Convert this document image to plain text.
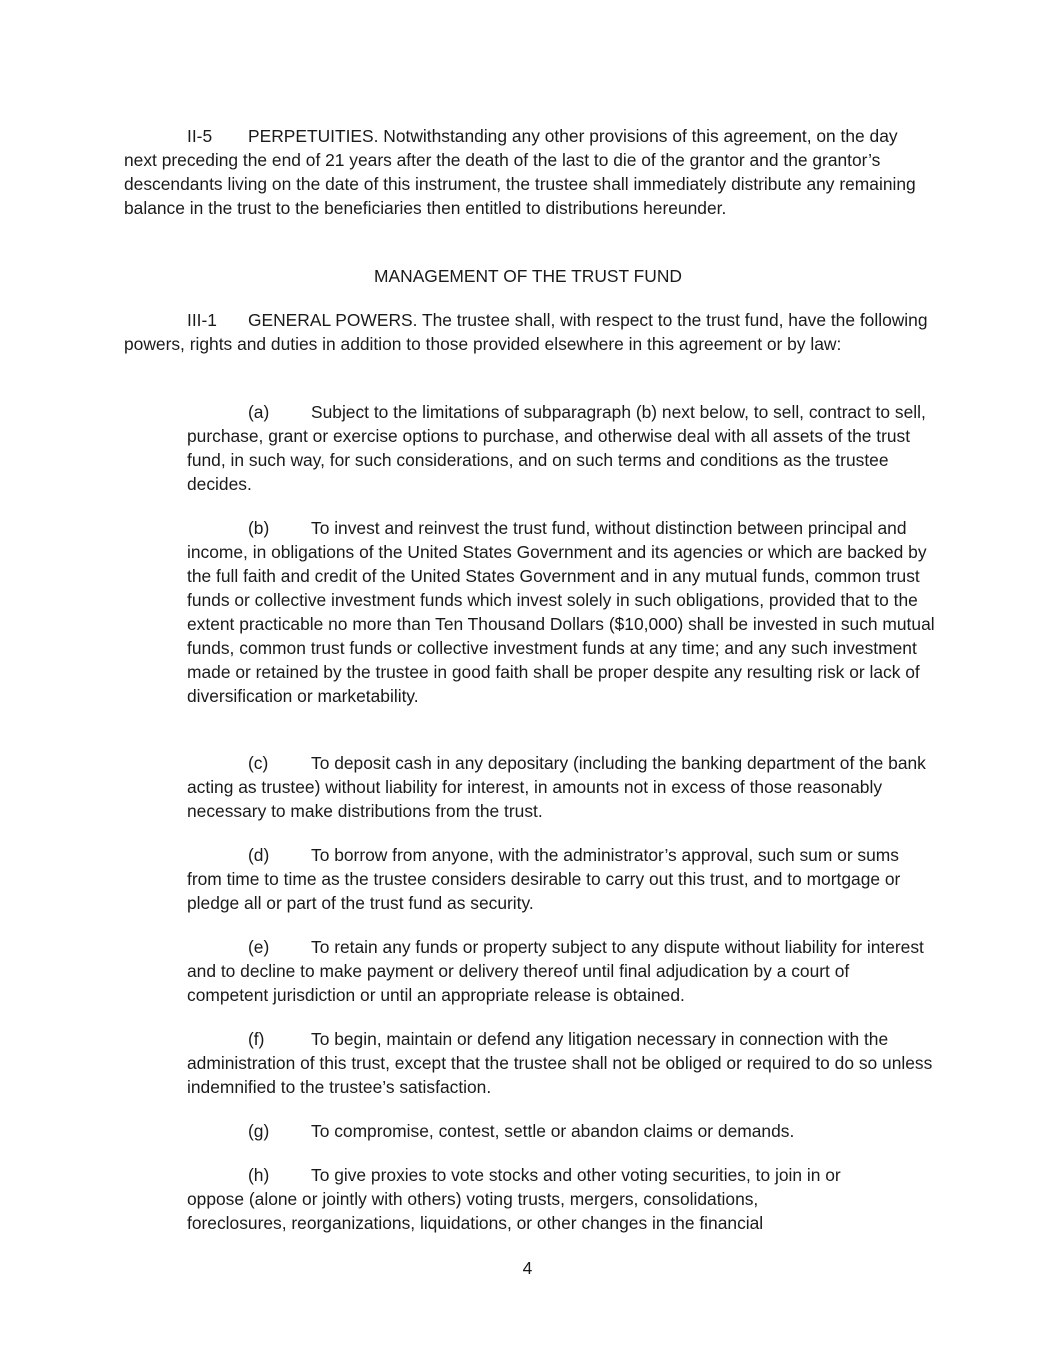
II-5 PERPETUITIES. Notwithstanding any other provisions of this agreement, on the day next preceding the end of 21 years after the death of the last to die of the grantor and the grantor’s descendants living on the date of this instrument, the trustee shall immediately distribute any remaining balance in the trust to the beneficiaries then entitled to distributions hereunder.

MANAGEMENT OF THE TRUST FUND

III-1 GENERAL POWERS. The trustee shall, with respect to the trust fund, have the following powers, rights and duties in addition to those provided elsewhere in this agreement or by law:

(a) Subject to the limitations of subparagraph (b) next below, to sell, contract to sell, purchase, grant or exercise options to purchase, and otherwise deal with all assets of the trust fund, in such way, for such considerations, and on such terms and conditions as the trustee decides.

(b) To invest and reinvest the trust fund, without distinction between principal and income, in obligations of the United States Government and its agencies or which are backed by the full faith and credit of the United States Government and in any mutual funds, common trust funds or collective investment funds which invest solely in such obligations, provided that to the extent practicable no more than Ten Thousand Dollars ($10,000) shall be invested in such mutual funds, common trust funds or collective investment funds at any time; and any such investment made or retained by the trustee in good faith shall be proper despite any resulting risk or lack of diversification or marketability.

(c) To deposit cash in any depositary (including the banking department of the bank acting as trustee) without liability for interest, in amounts not in excess of those reasonably necessary to make distributions from the trust.

(d) To borrow from anyone, with the administrator’s approval, such sum or sums from time to time as the trustee considers desirable to carry out this trust, and to mortgage or pledge all or part of the trust fund as security.

(e) To retain any funds or property subject to any dispute without liability for interest and to decline to make payment or delivery thereof until final adjudication by a court of competent jurisdiction or until an appropriate release is obtained.

(f)	To begin, maintain or defend any litigation necessary in connection with the administration of this trust, except that the trustee shall not be obliged or required to do so unless indemnified to the trustee’s satisfaction.

(g) To compromise, contest, settle or abandon claims or demands.

(h) To give proxies to vote stocks and other voting securities, to join in or oppose (alone or jointly with others) voting trusts, mergers, consolidations, foreclosures, reorganizations, liquidations, or other changes in the financial

4
